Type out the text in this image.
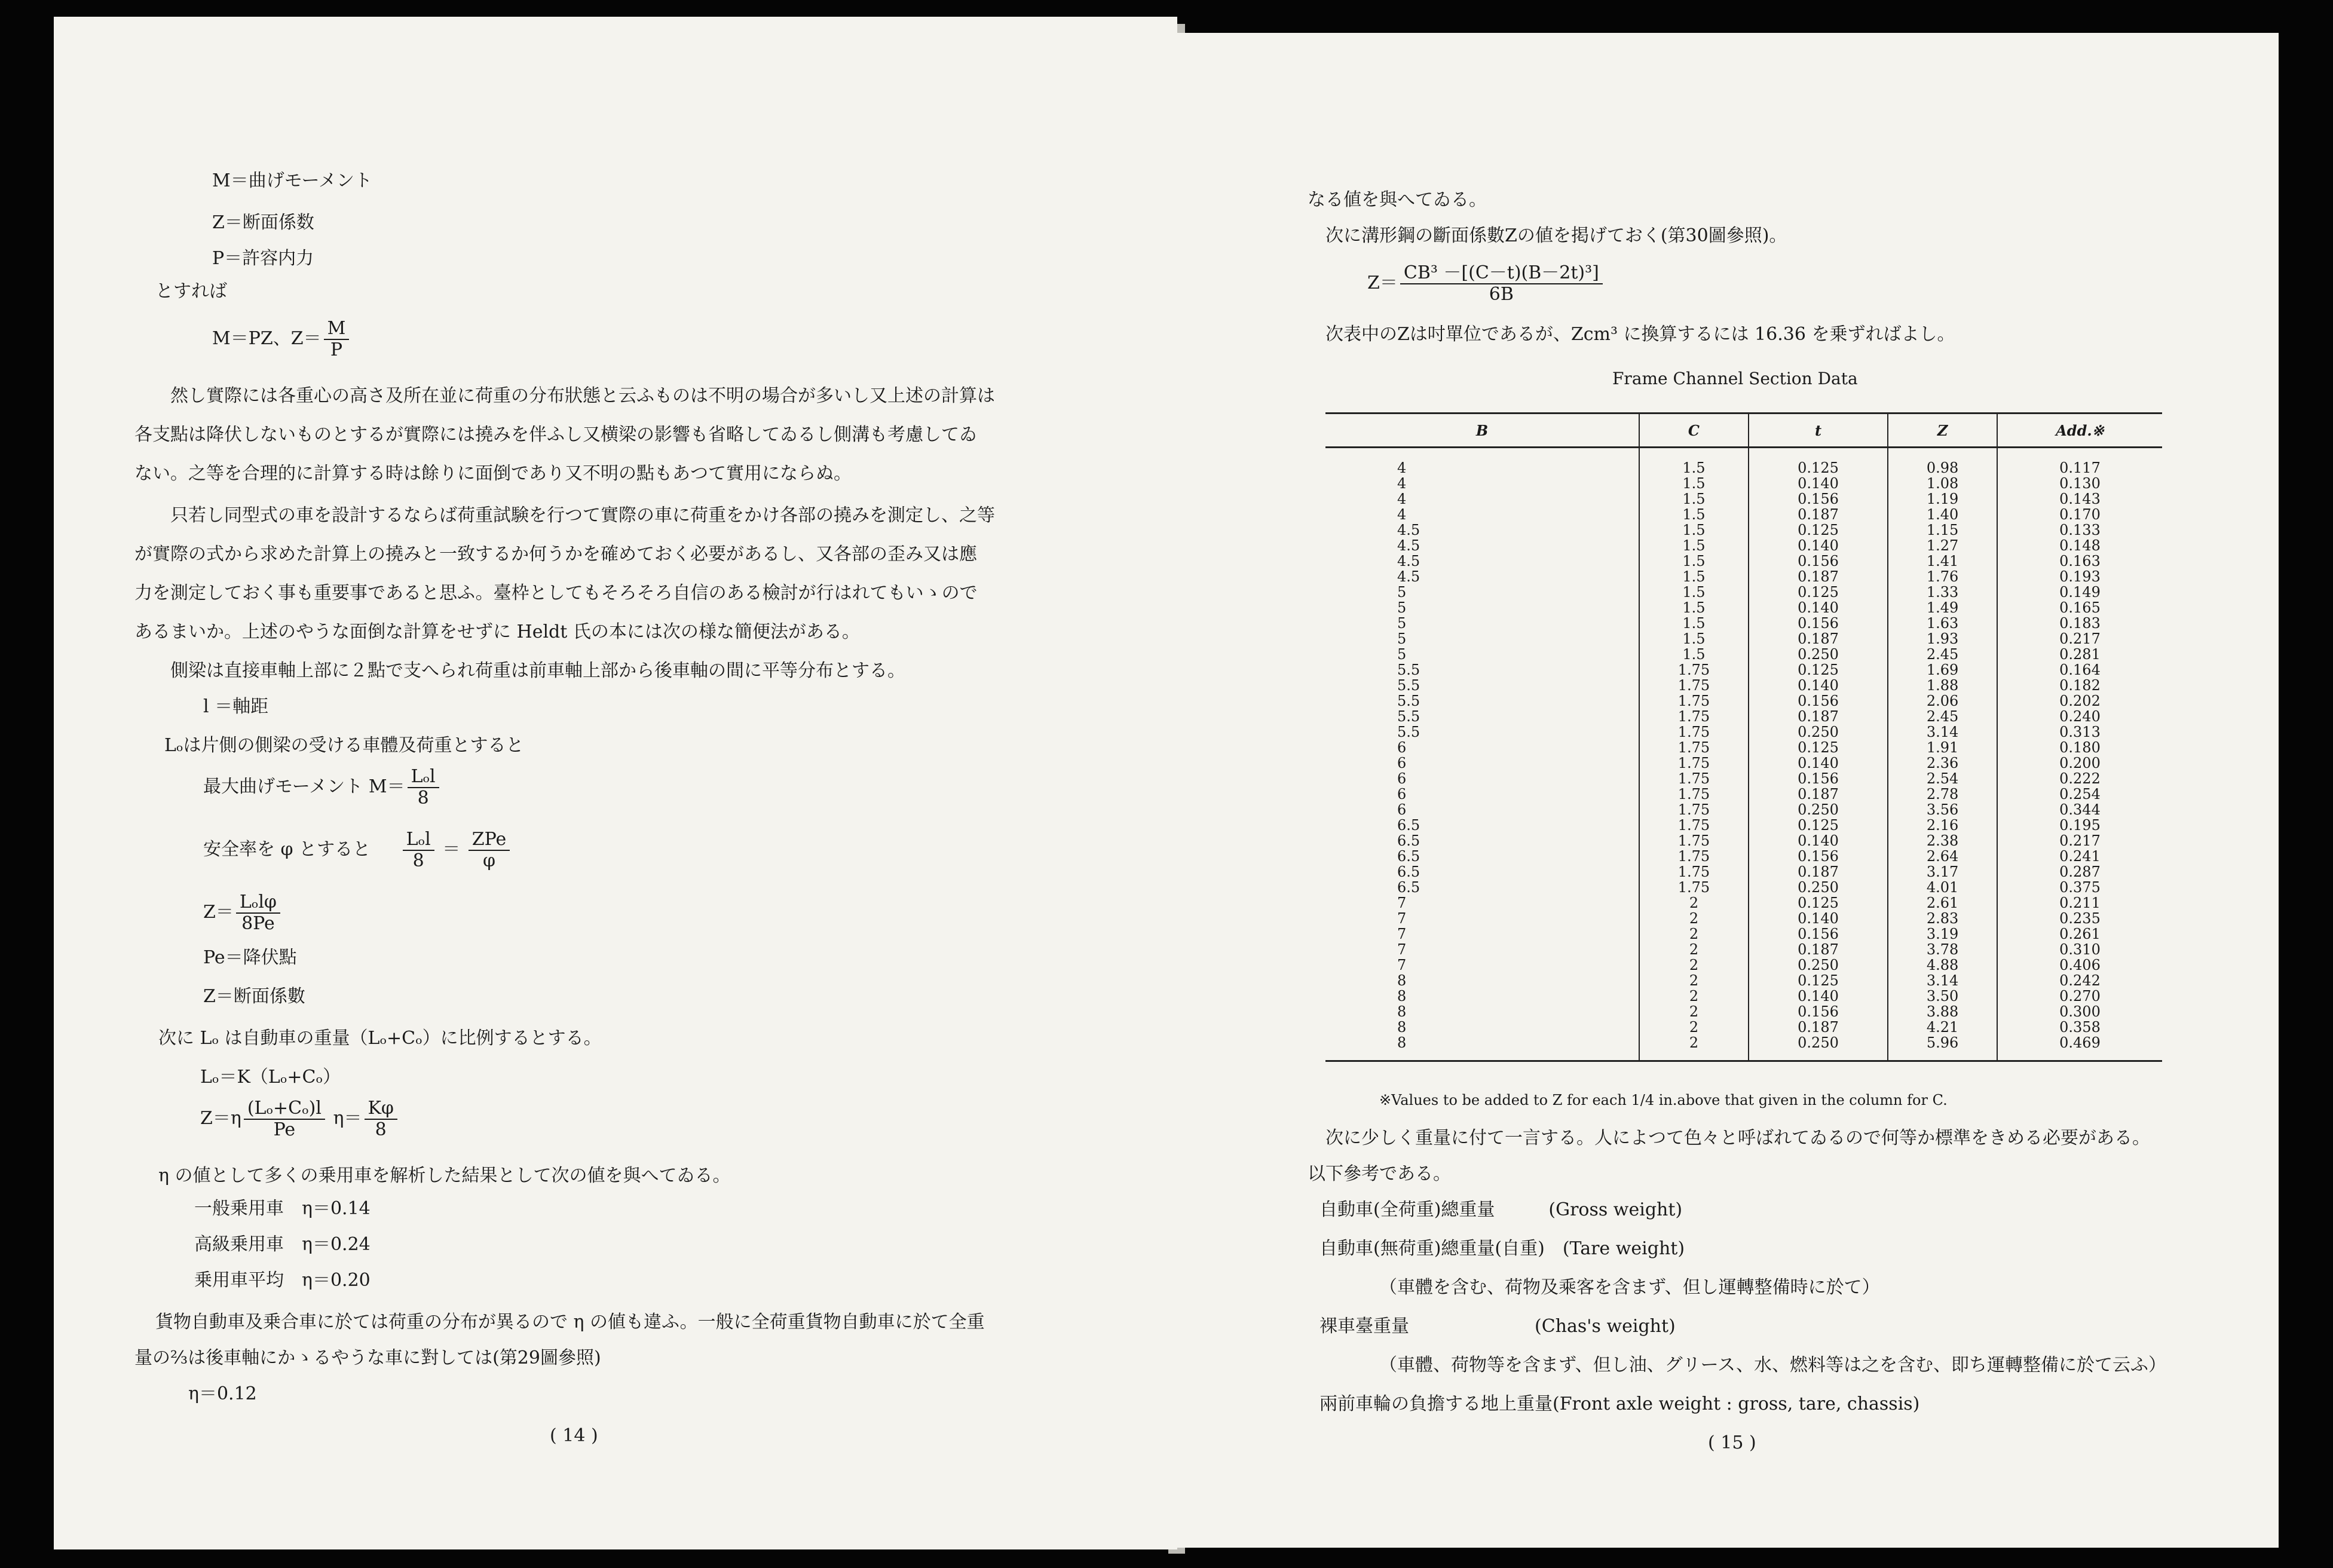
M＝曲げモーメント
Z＝断面係数
P＝許容内力
とすれば
M＝PZ、$Z= \frac{M}{P}$
然し實際には各重心の高さ及所在並に荷重の分布狀態と云ふものは不明の場合が多いし又上述の計算は
各支點は降伏しないものとするが實際には撓みを伴ふし又横梁の影響も省略してゐるし側溝も考慮してゐ
ない。之等を合理的に計算する時は餘りに面倒であり又不明の點もあつて實用にならぬ。
只若し同型式の車を設計するならば荷重試験を行つて實際の車に荷重をかけ各部の撓みを測定し、之等
が實際の式から求めた計算上の撓みと一致するか何うかを確めておく必要があるし、又各部の歪み又は應
力を測定しておく事も重要事であると思ふ。臺枠としてもそろそろ自信のある檢討が行はれてもいゝので
あるまいか。上述のやうな面倒な計算をせずに Heldt 氏の本には次の様な簡便法がある。
側梁は直接車軸上部に２點で支へられ荷重は前車軸上部から後車軸の間に平等分布とする。
l ＝軸距
Lₒは片側の側梁の受ける車體及荷重とすると
最大曲げモーメント $M= \frac{\text{Lₒl}}{8}$
安全率を φ とすると $\frac{\text{Lₒl}}{8} = \frac{\text{ZPe}}{\varphi}$
$Z= \frac{\text{Lₒlφ}}{8Pe}$
Pe＝降伏點
Z＝断面係數
次に Lₒ は自動車の重量（Lₒ+Cₒ）に比例するとする。
Lₒ＝K（Lₒ+Cₒ）
$Z=\eta \frac{\text{(Lₒ+Cₒ)l}}{Pe} \eta= \frac{K\varphi}{8}$
η の値として多くの乗用車を解析した結果として次の値を與へてゐる。
一般乗用車　η＝0.14
高級乗用車　η＝0.24
乗用車平均　η＝0.20
貨物自動車及乗合車に於ては荷重の分布が異るので η の値も違ふ。一般に全荷重貨物自動車に於て全重
量の⅔は後車軸にかゝるやうな車に對しては(第29圖參照)
η＝0.12
( 14 )
なる値を與へてゐる。
次に溝形鋼の斷面係數Zの値を掲げておく(第30圖參照)。
$Z= \frac{\text{CB³ －[(C－t)(B－2t)³]}}{6B}$
次表中のZは吋單位であるが、Zcm³ に換算するには 16.36 を乗ずればよし。
Frame Channel Section Data
B	C	t	Z	Add.※
4	1.5	0.125	0.98	0.117
4	1.5	0.140	1.08	0.130
4	1.5	0.156	1.19	0.143
4	1.5	0.187	1.40	0.170
4.5	1.5	0.125	1.15	0.133
4.5	1.5	0.140	1.27	0.148
4.5	1.5	0.156	1.41	0.163
4.5	1.5	0.187	1.76	0.193
5	1.5	0.125	1.33	0.149
5	1.5	0.140	1.49	0.165
5	1.5	0.156	1.63	0.183
5	1.5	0.187	1.93	0.217
5	1.5	0.250	2.45	0.281
5.5	1.75	0.125	1.69	0.164
5.5	1.75	0.140	1.88	0.182
5.5	1.75	0.156	2.06	0.202
5.5	1.75	0.187	2.45	0.240
5.5	1.75	0.250	3.14	0.313
6	1.75	0.125	1.91	0.180
6	1.75	0.140	2.36	0.200
6	1.75	0.156	2.54	0.222
6	1.75	0.187	2.78	0.254
6	1.75	0.250	3.56	0.344
6.5	1.75	0.125	2.16	0.195
6.5	1.75	0.140	2.38	0.217
6.5	1.75	0.156	2.64	0.241
6.5	1.75	0.187	3.17	0.287
6.5	1.75	0.250	4.01	0.375
7	2	0.125	2.61	0.211
7	2	0.140	2.83	0.235
7	2	0.156	3.19	0.261
7	2	0.187	3.78	0.310
7	2	0.250	4.88	0.406
8	2	0.125	3.14	0.242
8	2	0.140	3.50	0.270
8	2	0.156	3.88	0.300
8	2	0.187	4.21	0.358
8	2	0.250	5.96	0.469
※Values to be added to Z for each 1/4 in.above that given in the column for C.
次に少しく重量に付て一言する。人によつて色々と呼ばれてゐるので何等か標準をきめる必要がある。
以下參考である。
自動車(全荷重)總重量　　　(Gross weight)
自動車(無荷重)總重量(自重)　(Tare weight)
（車體を含む、荷物及乘客を含まず、但し運轉整備時に於て）
裸車臺重量　　　　　　　(Chas's weight)
（車體、荷物等を含まず、但し油、グリース、水、燃料等は之を含む、即ち運轉整備に於て云ふ）
兩前車輪の負擔する地上重量(Front axle weight : gross, tare, chassis)
( 15 )
